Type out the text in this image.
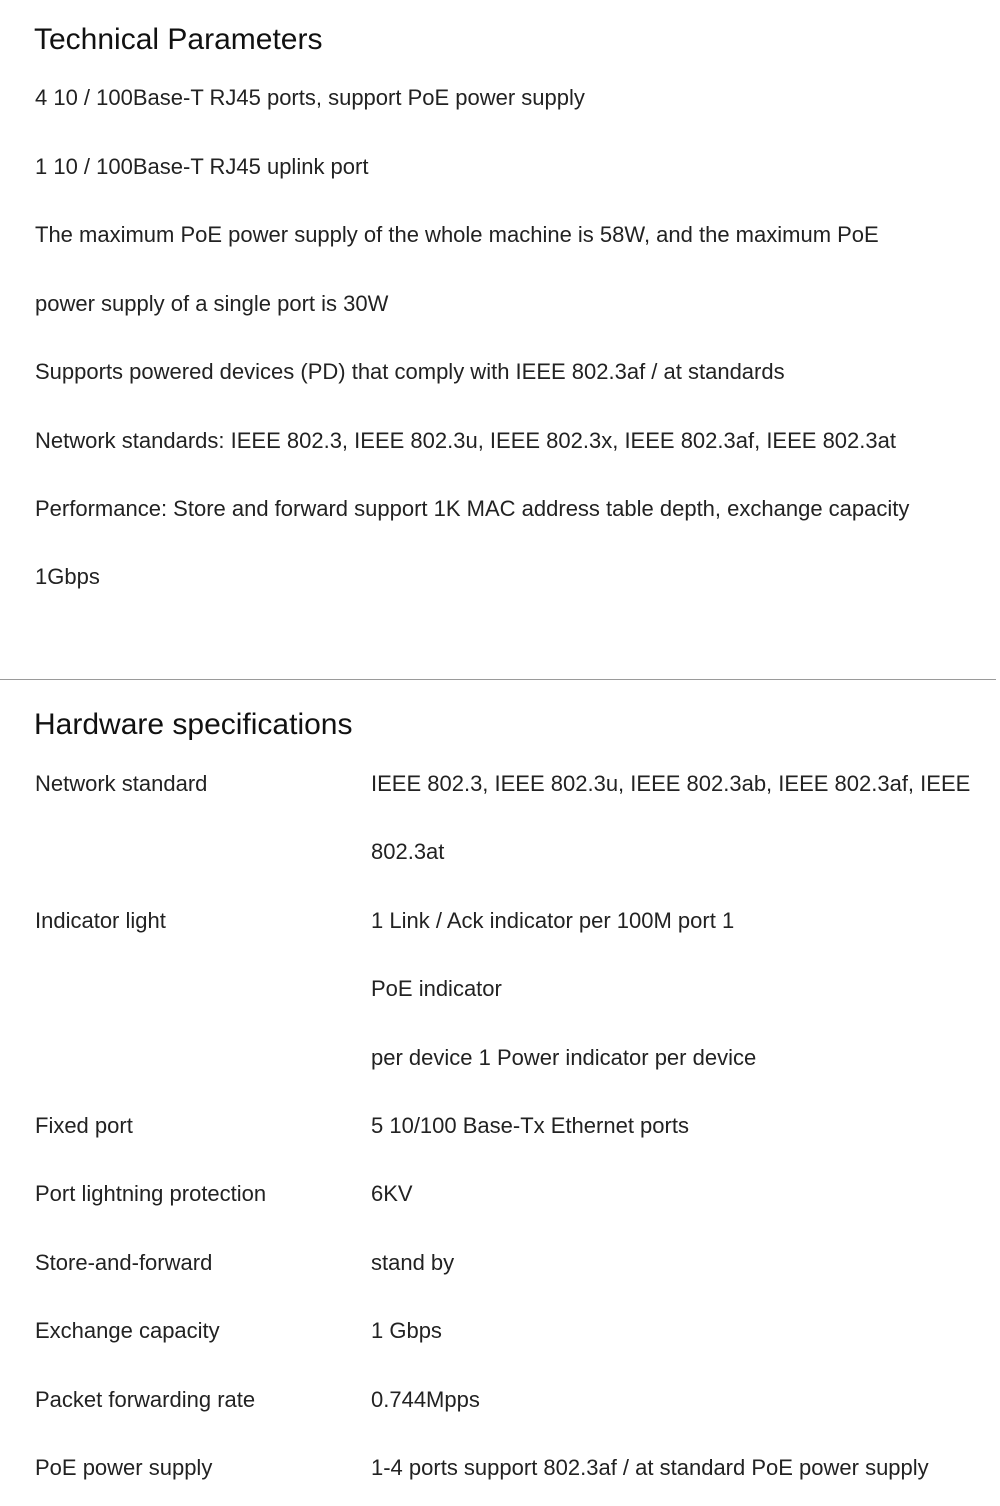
Technical Parameters
4 10 / 100Base-T RJ45 ports, support PoE power supply
1 10 / 100Base-T RJ45 uplink port
The maximum PoE power supply of the whole machine is 58W, and the maximum PoE
power supply of a single port is 30W
Supports powered devices (PD) that comply with IEEE 802.3af / at standards
Network standards: IEEE 802.3, IEEE 802.3u, IEEE 802.3x, IEEE 802.3af, IEEE 802.3at
Performance: Store and forward support 1K MAC address table depth, exchange capacity
1Gbps
Hardware specifications
Network standard	IEEE 802.3, IEEE 802.3u, IEEE 802.3ab, IEEE 802.3af, IEEE
802.3at
Indicator light	1 Link / Ack indicator per 100M port 1
PoE indicator
per device 1 Power indicator per device
Fixed port	5 10/100 Base-Tx Ethernet ports
Port lightning protection	6KV
Store-and-forward	stand by
Exchange capacity	1 Gbps
Packet forwarding rate	0.744Mpps
PoE power supply	1-4 ports support 802.3af / at standard PoE power supply
